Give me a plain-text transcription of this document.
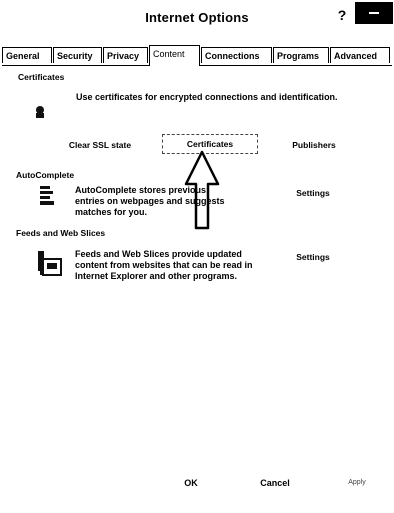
Internet Options	?
General	Security	Privacy	Content	Connections	Programs	Advanced
Certificates
Use certificates for encrypted connections and identification.
Clear SSL state	Certificates	Publishers
AutoComplete
AutoComplete stores previous entries on webpages and suggests matches for you.
Settings
Feeds and Web Slices
Feeds and Web Slices provide updated content from websites that can be read in Internet Explorer and other programs.
Settings
OK	Cancel	Apply
